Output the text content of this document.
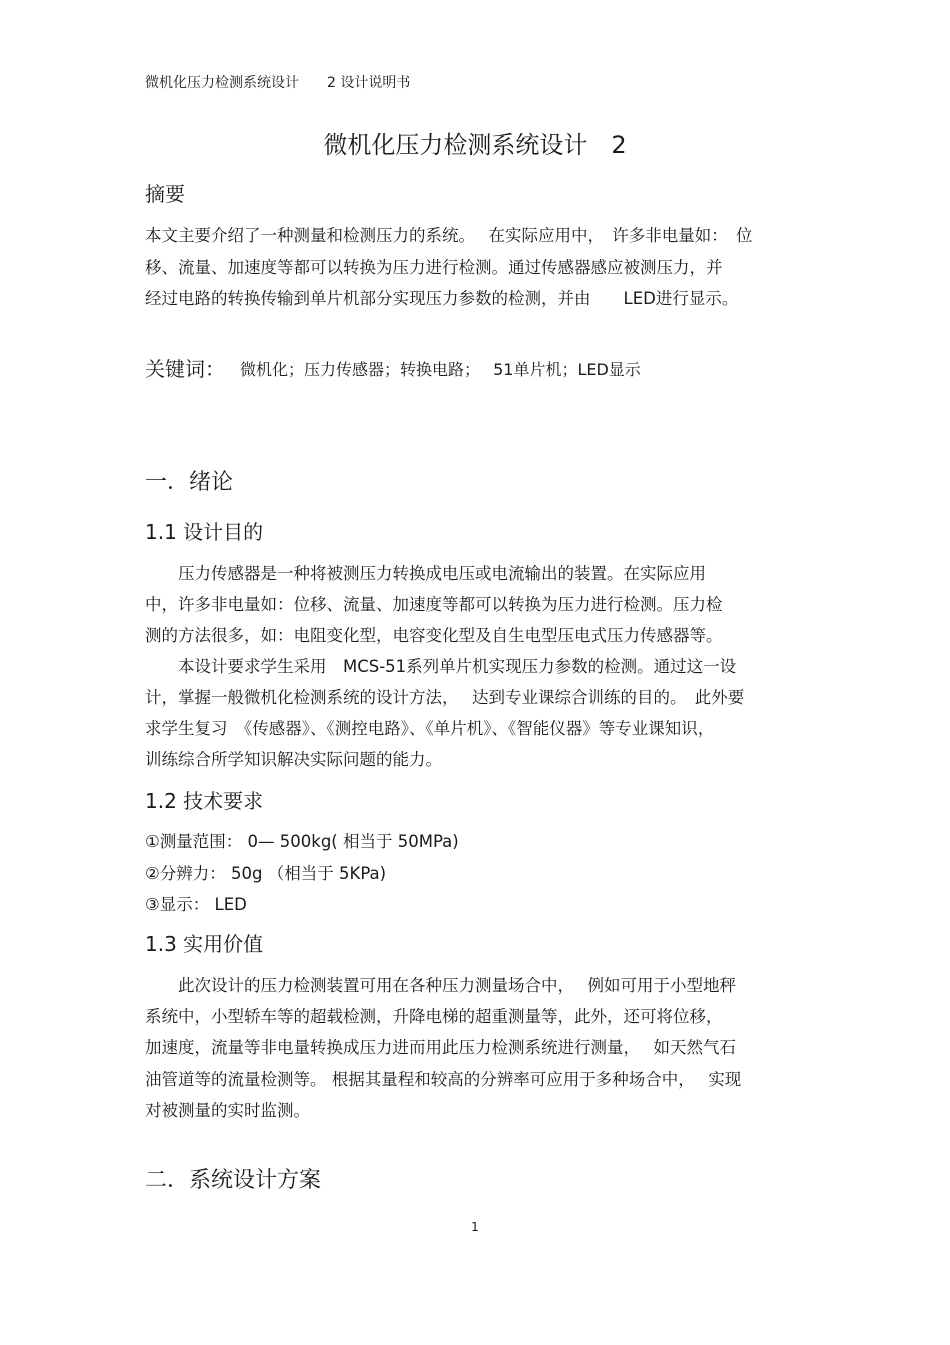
微机化压力检测系统设计　　2 设计说明书
微机化压力检测系统设计　2
摘要
本文主要介绍了一种测量和检测压力的系统。　 在实际应用中，　许多非电量如：　位
移、流量、加速度等都可以转换为压力进行检测。通过传感器感应被测压力，并
经过电路的转换传输到单片机部分实现压力参数的检测，并由　　LED进行显示。
关键词： 微机化；压力传感器；转换电路；　 51单片机；LED显示
一．绪论
1.1 设计目的
　　压力传感器是一种将被测压力转换成电压或电流输出的装置。在实际应用
中，许多非电量如：位移、流量、加速度等都可以转换为压力进行检测。压力检
测的方法很多，如：电阻变化型，电容变化型及自生电型压电式压力传感器等。
　　本设计要求学生采用　MCS-51系列单片机实现压力参数的检测。通过这一设
计，掌握一般微机化检测系统的设计方法，　 达到专业课综合训练的目的。　此外要
求学生复习　《传感器》、《测控电路》、《单片机》、《智能仪器》等专业课知识，
训练综合所学知识解决实际问题的能力。
1.2 技术要求
①测量范围： 0— 500kg( 相当于 50MPa)
②分辨力： 50g （相当于 5KPa)
③显示： LED
1.3 实用价值
　　此次设计的压力检测装置可用在各种压力测量场合中，　 例如可用于小型地秤
系统中，小型轿车等的超载检测，升降电梯的超重测量等，此外，还可将位移，
加速度，流量等非电量转换成压力进而用此压力检测系统进行测量，　 如天然气石
油管道等的流量检测等。 根据其量程和较高的分辨率可应用于多种场合中，　 实现
对被测量的实时监测。
二．系统设计方案
1
